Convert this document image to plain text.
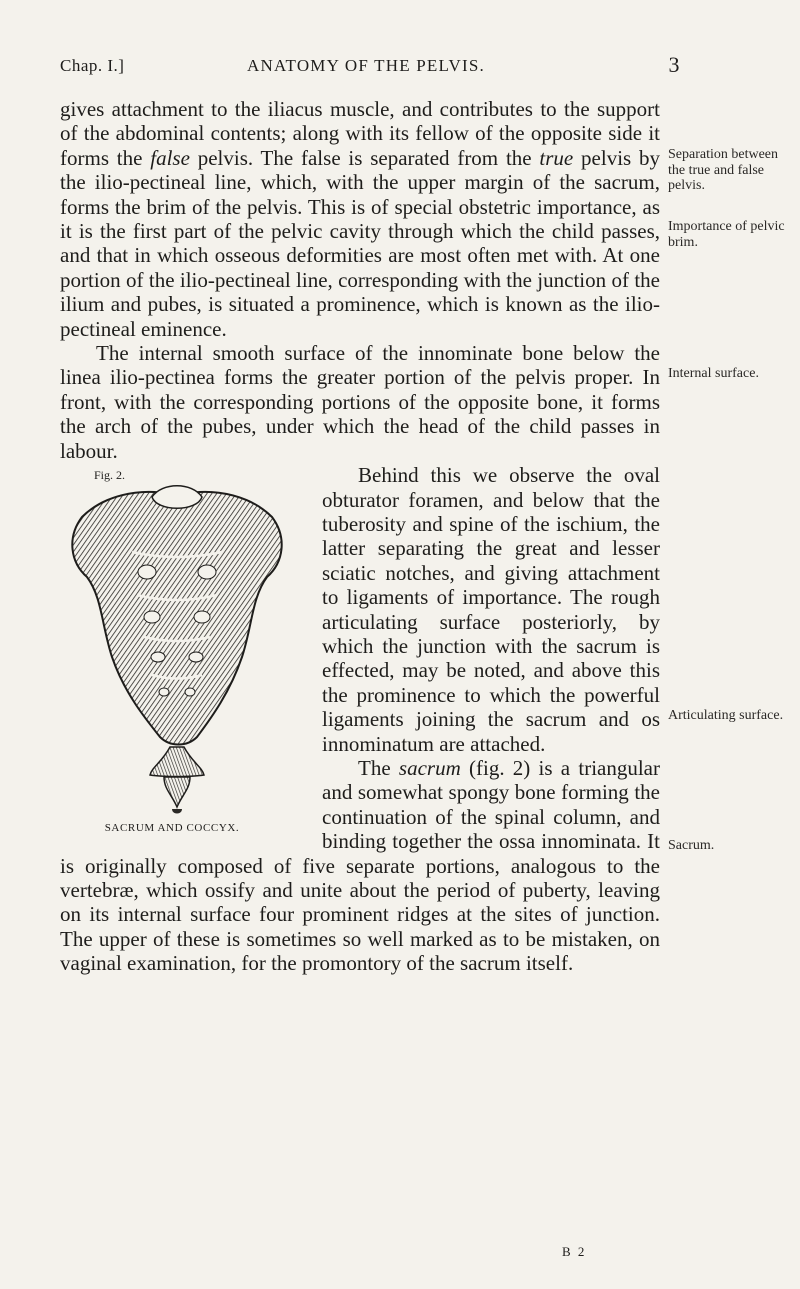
Chap. I.]	ANATOMY OF THE PELVIS.	3

gives attachment to the iliacus muscle, and contributes to the support of the abdominal contents; along with its fellow of the opposite side it forms the false pelvis. The false is separated from the true pelvis by the ilio-pectineal line, which, with the upper margin of the sacrum, forms the brim of the pelvis. This is of special obstetric importance, as it is the first part of the pelvic cavity through which the child passes, and that in which osseous deformities are most often met with. At one portion of the ilio-pectineal line, corresponding with the junction of the ilium and pubes, is situated a prominence, which is known as the ilio-pectineal eminence.

The internal smooth surface of the innominate bone below the linea ilio-pectinea forms the greater portion of the pelvis proper. In front, with the corresponding portions of the opposite bone, it forms the arch of the pubes, under which the head of the child passes in labour.

Fig. 2.
SACRUM AND COCCYX.

Behind this we observe the oval obturator foramen, and below that the tuberosity and spine of the ischium, the latter separating the great and lesser sciatic notches, and giving attachment to ligaments of importance. The rough articulating surface posteriorly, by which the junction with the sacrum is effected, may be noted, and above this the prominence to which the powerful ligaments joining the sacrum and os innominatum are attached.

The sacrum (fig. 2) is a triangular and somewhat spongy bone forming the continuation of the spinal column, and binding together the ossa innominata. It is originally composed of five separate portions, analogous to the vertebræ, which ossify and unite about the period of puberty, leaving on its internal surface four prominent ridges at the sites of junction. The upper of these is sometimes so well marked as to be mistaken, on vaginal examination, for the promontory of the sacrum itself.

Separation between the true and false pelvis.
Importance of pelvic brim.
Internal surface.
Articulating surface.
Sacrum.
B 2
